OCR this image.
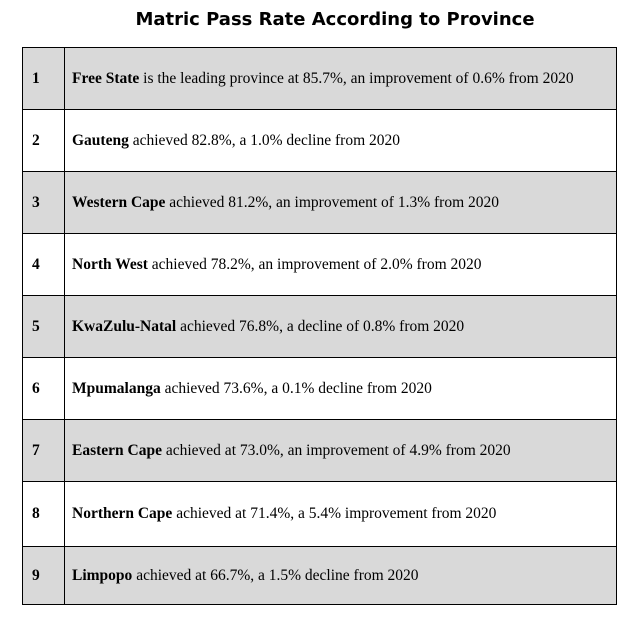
Matric Pass Rate According to Province
1	Free State is the leading province at 85.7%, an improvement of 0.6% from 2020
2	Gauteng achieved 82.8%, a 1.0% decline from 2020
3	Western Cape achieved 81.2%, an improvement of 1.3% from 2020
4	North West achieved 78.2%, an improvement of 2.0% from 2020
5	KwaZulu-Natal achieved 76.8%, a decline of 0.8% from 2020
6	Mpumalanga achieved 73.6%, a 0.1% decline from 2020
7	Eastern Cape achieved at 73.0%, an improvement of 4.9% from 2020
8	Northern Cape achieved at 71.4%, a 5.4% improvement from 2020
9	Limpopo achieved at 66.7%, a 1.5% decline from 2020
